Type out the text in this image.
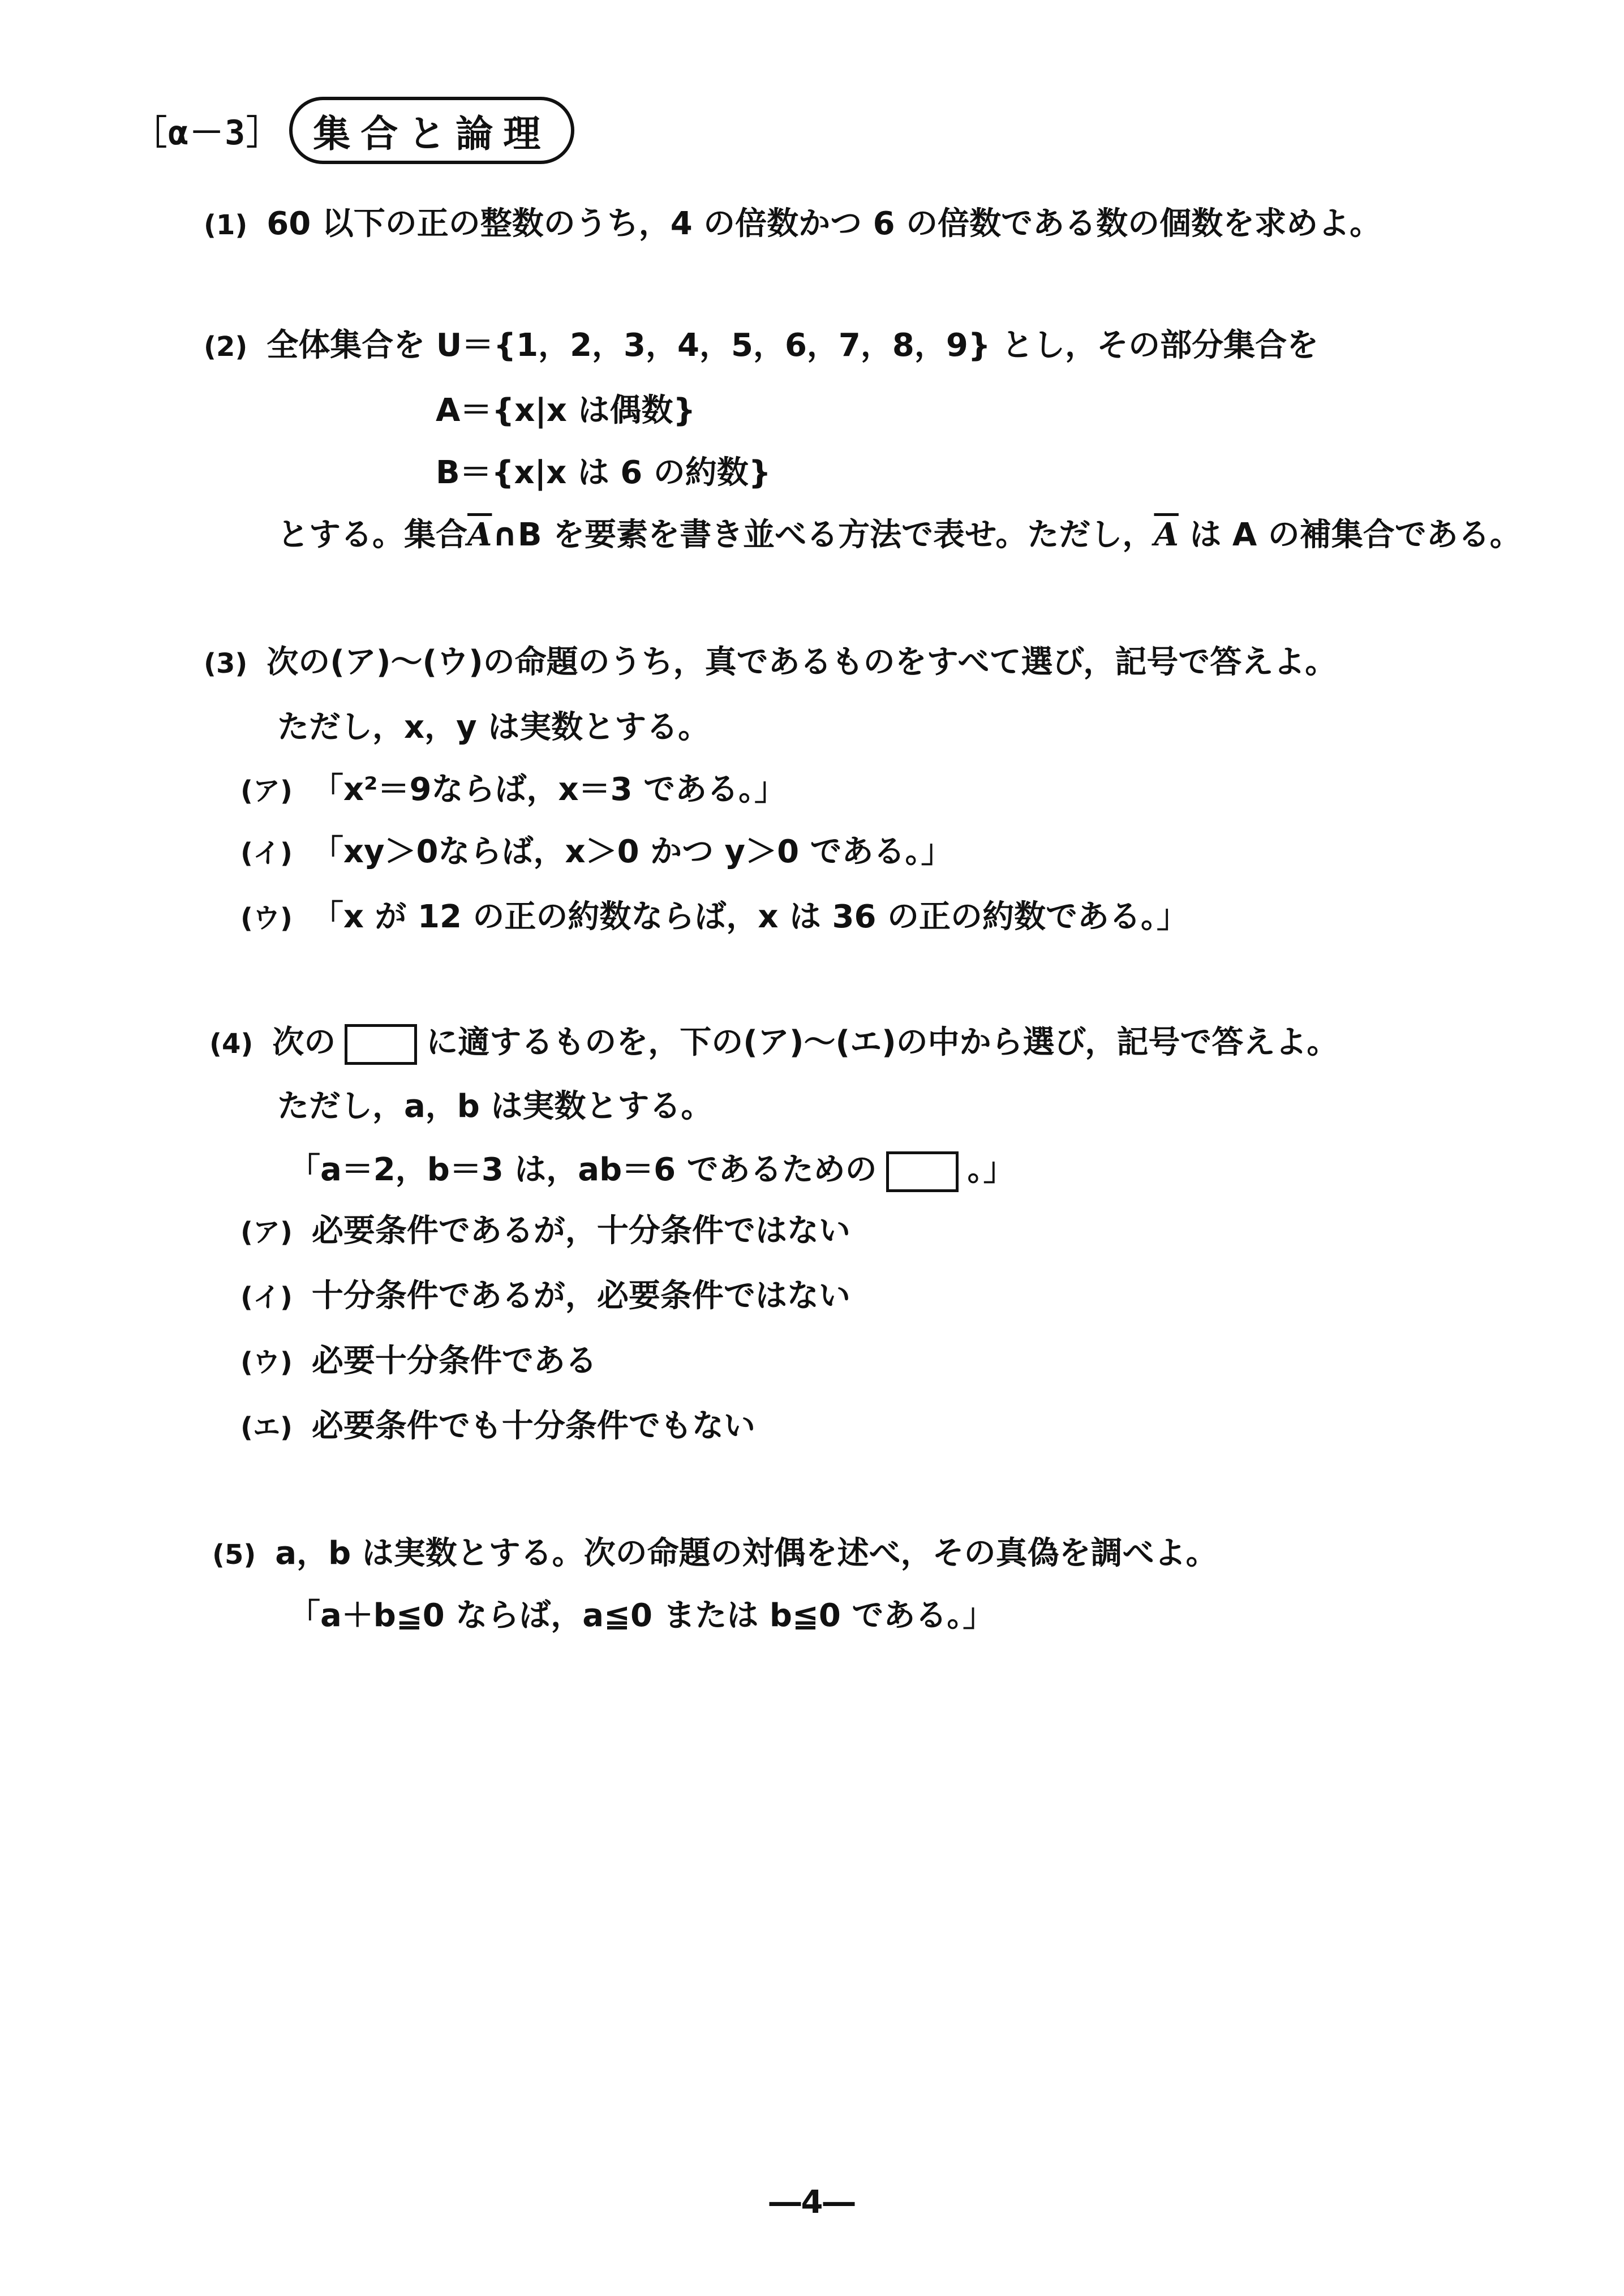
［α－3］ 集合と論理
(1) 60 以下の正の整数のうち，4 の倍数かつ 6 の倍数である数の個数を求めよ。
(2) 全体集合を U＝{1，2，3，4，5，6，7，8，9} とし，その部分集合を
A＝{x|x は偶数}
B＝{x|x は 6 の約数}
とする。集合$\overline{A}\cap B$ を要素を書き並べる方法で表せ。ただし，$\overline{A}$ は A の補集合である。
(3) 次の(ア)～(ウ)の命題のうち，真であるものをすべて選び，記号で答えよ。
ただし，x，y は実数とする。
(ア) 「x²＝9ならば，x＝3 である。」
(イ) 「xy＞0ならば，x＞0 かつ y＞0 である。」
(ウ) 「x が 12 の正の約数ならば，x は 36 の正の約数である。」
(4) 次の	に適するものを，下の(ア)～(エ)の中から選び，記号で答えよ。
ただし，a，b は実数とする。
「a＝2，b＝3 は，ab＝6 であるための	。」
(ア) 必要条件であるが，十分条件ではない
(イ) 十分条件であるが，必要条件ではない
(ウ) 必要十分条件である
(エ) 必要条件でも十分条件でもない
(5) a，b は実数とする。次の命題の対偶を述べ，その真偽を調べよ。
「a＋b≦0 ならば，a≦0 または b≦0 である。」
―4―
